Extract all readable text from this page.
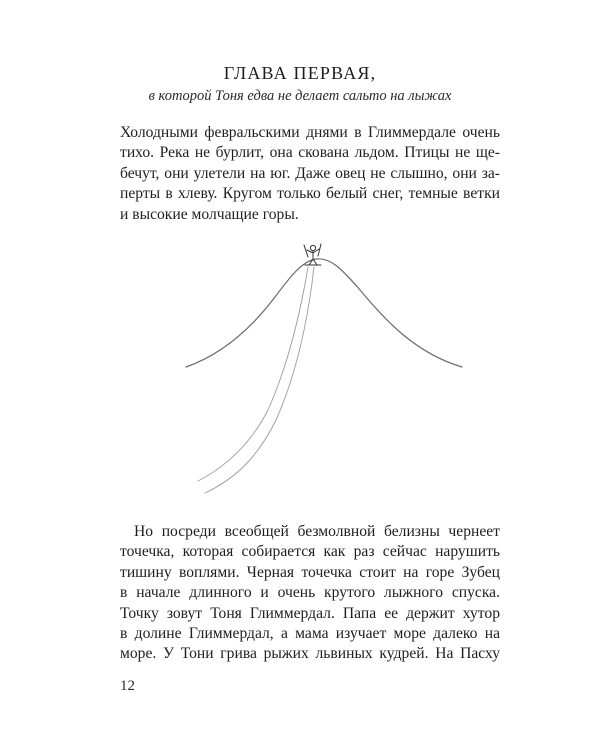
ГЛАВА ПЕРВАЯ,
в которой Тоня едва не делает сальто на лыжах
Холодными февральскими днями в Глиммердале очень
тихо. Река не бурлит, она скована льдом. Птицы не ще-
бечут, они улетели на юг. Даже овец не слышно, они за-
перты в хлеву. Кругом только белый снег, темные ветки
и высокие молчащие горы.
Но посреди всеобщей безмолвной белизны чернеет
точечка, которая собирается как раз сейчас нарушить
тишину воплями. Черная точечка стоит на горе Зубец
в начале длинного и очень крутого лыжного спуска.
Точку зовут Тоня Глиммердал. Папа ее держит хутор
в долине Глиммердал, а мама изучает море далеко на
море. У Тони грива рыжих львиных кудрей. На Пасху
12
